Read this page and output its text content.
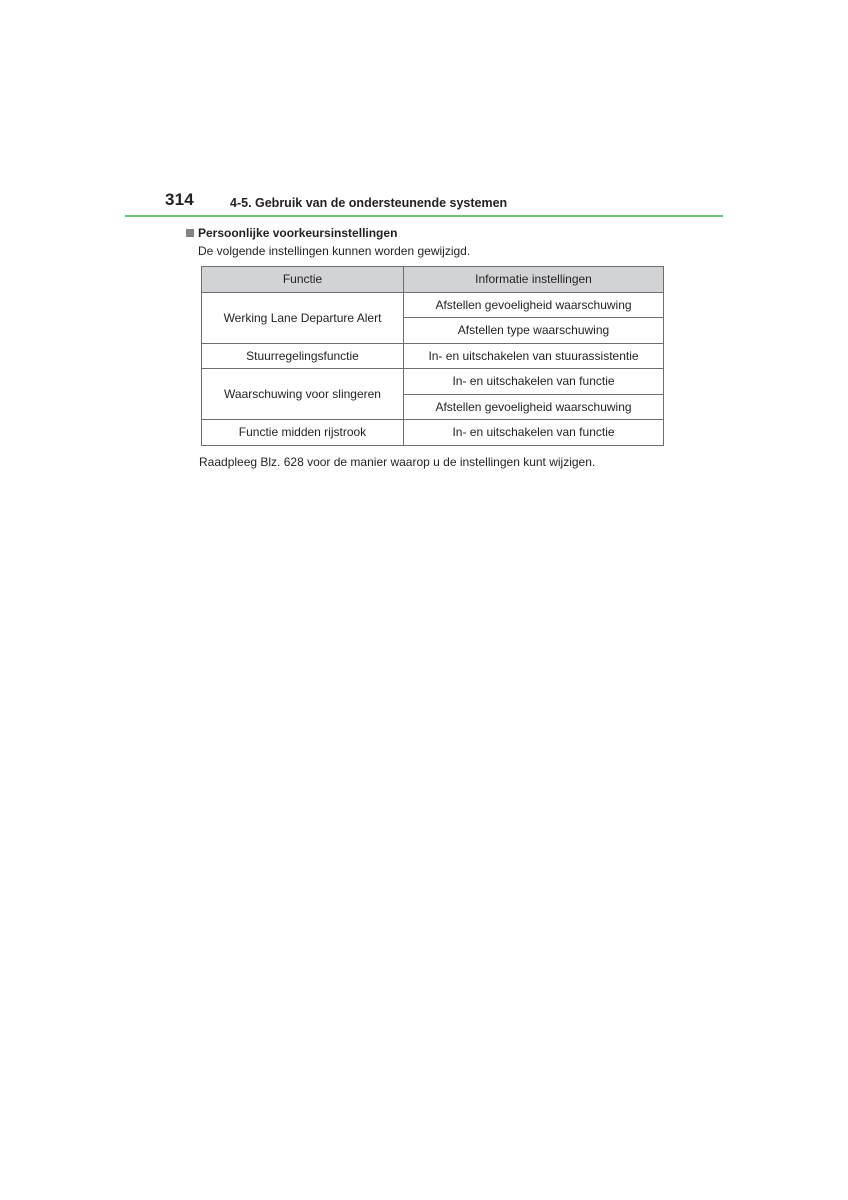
314	4-5. Gebruik van de ondersteunende systemen
Persoonlijke voorkeursinstellingen
De volgende instellingen kunnen worden gewijzigd.
Functie	Informatie instellingen
Werking Lane Departure Alert	Afstellen gevoeligheid waarschuwing
	Afstellen type waarschuwing
Stuurregelingsfunctie	In- en uitschakelen van stuurassistentie
Waarschuwing voor slingeren	In- en uitschakelen van functie
	Afstellen gevoeligheid waarschuwing
Functie midden rijstrook	In- en uitschakelen van functie
Raadpleeg Blz. 628 voor de manier waarop u de instellingen kunt wijzigen.
